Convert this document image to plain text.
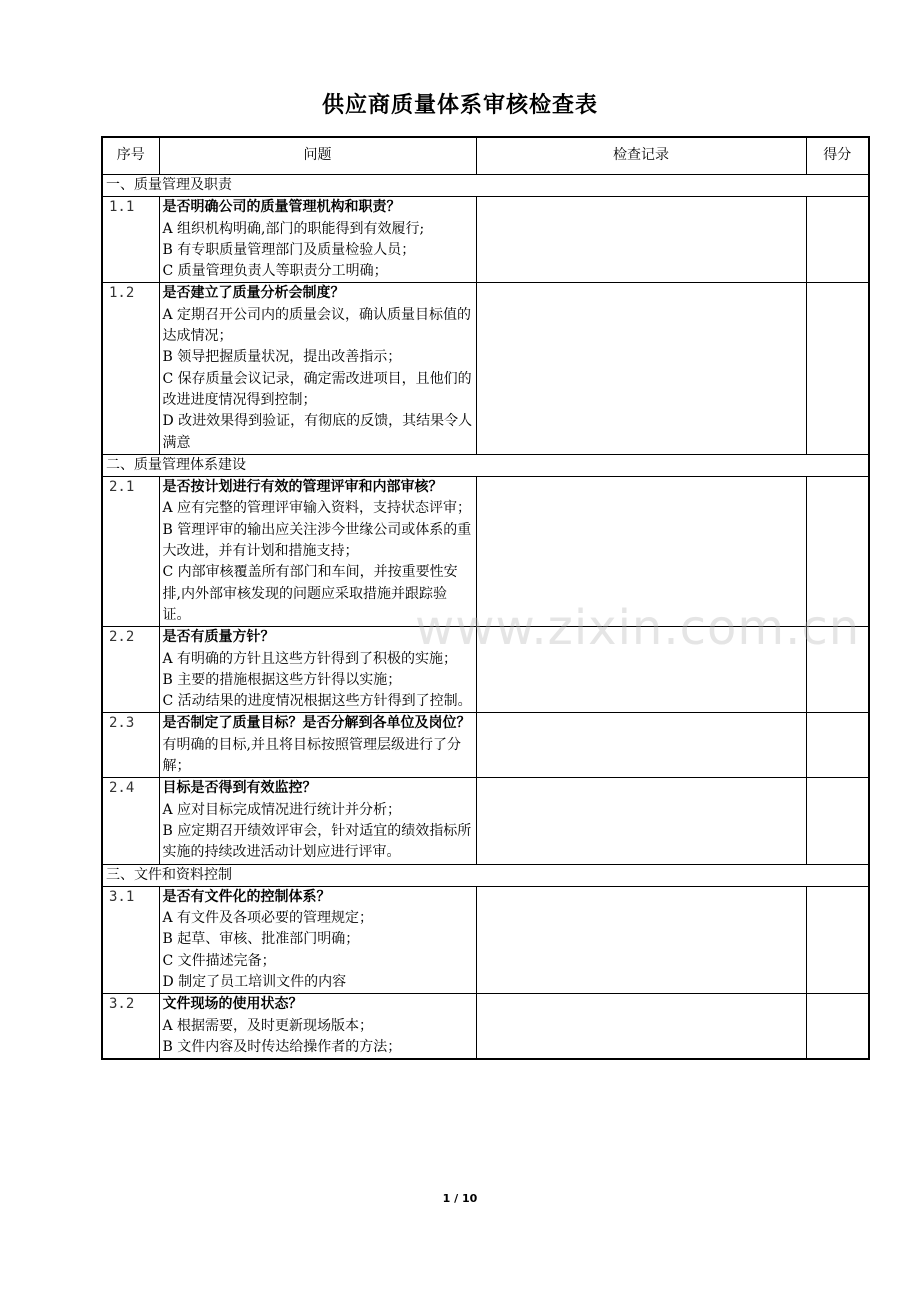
供应商质量体系审核检查表
序号	问题	检查记录	得分
一、质量管理及职责			
1.1	是否明确公司的质量管理机构和职责？
A 组织机构明确,部门的职能得到有效履行;
B 有专职质量管理部门及质量检验人员；
C 质量管理负责人等职责分工明确；		

1.2	是否建立了质量分析会制度？
A 定期召开公司内的质量会议，确认质量目标值的达成情况；
B 领导把握质量状况，提出改善指示；
C 保存质量会议记录，确定需改进项目，且他们的改进进度情况得到控制；
D 改进效果得到验证，有彻底的反馈，其结果令人满意		

二、质量管理体系建设			
2.1	是否按计划进行有效的管理评审和内部审核？
A 应有完整的管理评审输入资料，支持状态评审；
B 管理评审的输出应关注涉今世缘公司或体系的重大改进，并有计划和措施支持；
C 内部审核覆盖所有部门和车间，并按重要性安排,内外部审核发现的问题应采取措施并跟踪验证。		

2.2	是否有质量方针？
A 有明确的方针且这些方针得到了积极的实施；
B 主要的措施根据这些方针得以实施；
C 活动结果的进度情况根据这些方针得到了控制。		

2.3	是否制定了质量目标？是否分解到各单位及岗位？
有明确的目标,并且将目标按照管理层级进行了分解；		

2.4	目标是否得到有效监控？
A 应对目标完成情况进行统计并分析；
B 应定期召开绩效评审会，针对适宜的绩效指标所实施的持续改进活动计划应进行评审。		

三、文件和资料控制			
3.1	是否有文件化的控制体系？
A 有文件及各项必要的管理规定；
B 起草、审核、批准部门明确；
C 文件描述完备；
D 制定了员工培训文件的内容		

3.2	文件现场的使用状态？
A 根据需要，及时更新现场版本；
B 文件内容及时传达给操作者的方法；		

www.zixin.com.cn
1 / 10
